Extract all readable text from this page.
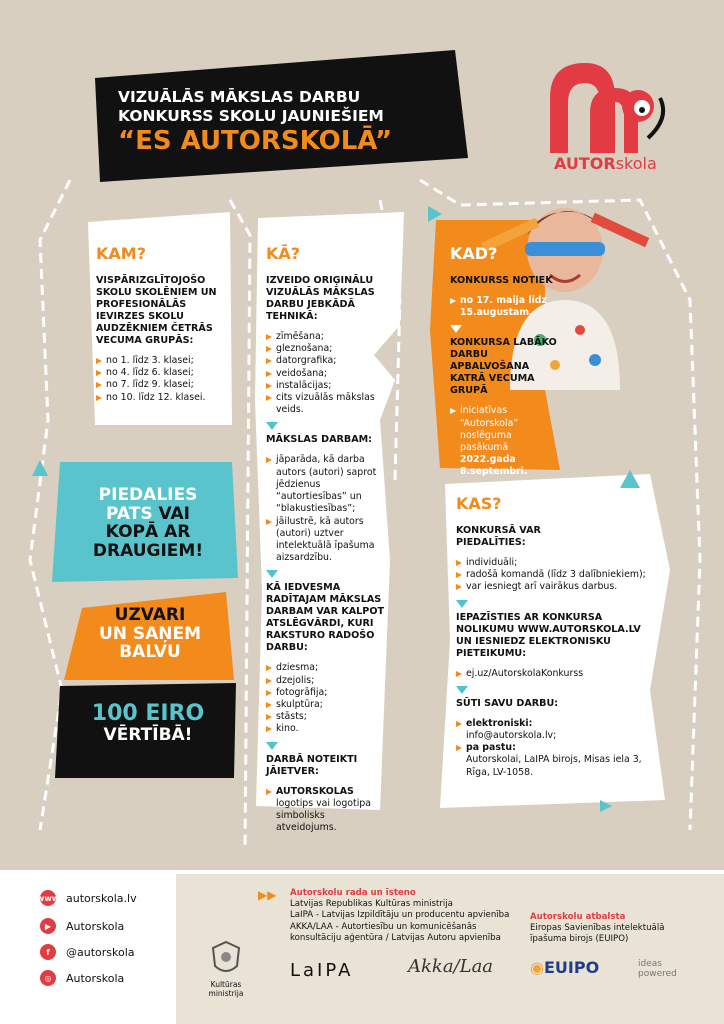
VIZUĀLĀS MĀKSLAS DARBU
KONKURSS SKOLU JAUNIEŠIEM
“ES AUTORSKOLĀ”
AUTORskola
KAM?
VISPĀRIZGLĪTOJOŠO SKOLU SKOLĒNIEM UN PROFESIONĀLĀS IEVIRZES SKOLU AUDZĒKNIEM ČETRĀS VECUMA GRUPĀS:
no 1. līdz 3. klasei;
no 4. līdz 6. klasei;
no 7. līdz 9. klasei;
no 10. līdz 12. klasei.
KĀ?
IZVEIDO ORIĢINĀLU VIZUĀLĀS MĀKSLAS DARBU JEBKĀDĀ TEHNIKĀ:
zīmēšana;
gleznošana;
datorgrafika;
veidošana;
instalācijas;
cits vizuālās mākslas veids.
MĀKSLAS DARBAM:
jāparāda, kā darba autors (autori) saprot jēdzienus “autortiesības” un “blakustiesības”;
jāilustrē, kā autors (autori) uztver intelektuālā īpašuma aizsardzību.
KĀ IEDVESMA RADĪTAJAM MĀKSLAS DARBAM VAR KALPOT ATSLĒGVĀRDI, KURI RAKSTURO RADOŠO DARBU:
dziesma;
dzejolis;
fotogrāfija;
skulptūra;
stāsts;
kino.
DARBĀ NOTEIKTI JĀIETVER:
AUTORSKOLAS logotips vai logotipa simbolisks atveidojums.
KAD?
KONKURSS NOTIEK
no 17. maija līdz 15.augustam.
KONKURSA LABĀKO DARBU APBALVOŠANA KATRĀ VECUMA GRUPĀ
iniciatīvas “Autorskola” noslēguma pasākumā 2022.gada 8.septembrī.
KAS?
KONKURSĀ VAR PIEDALĪTIES:
individuāli;
radošā komandā (līdz 3 dalībniekiem);
var iesniegt arī vairākus darbus.
IEPAZĪSTIES AR KONKURSA NOLIKUMU WWW.AUTORSKOLA.LV UN IESNIEDZ ELEKTRONISKU PIETEIKUMU:
ej.uz/AutorskolaKonkurss
SŪTI SAVU DARBU:
elektroniski:
info@autorskola.lv;
pa pastu:
Autorskolai, LaIPA birojs, Misas iela 3, Rīga, LV-1058.
PIEDALIES
PATS VAI
KOPĀ AR
DRAUGIEM!
UZVARI
UN SAŅEM
BALVU
100 EIRO
VĒRTĪBĀ!
www autorskola.lv
▶	Autorskola
f	@autorskola
◎	Autorskola
▶▶ Autorskolu rada un īsteno
Latvijas Republikas Kultūras ministrija
LaIPA - Latvijas Izpildītāju un producentu apvienība
AKKA/LAA - Autortiesību un komunicēšanās
konsultāciju aģentūra / Latvijas Autoru apvienība
Autorskolu atbalsta
Eiropas Savienības intelektuālā
īpašuma birojs (EUIPO)
Kultūras ministrija
LaIPA	Akka/Laa ◉EUIPO	ideas powered
